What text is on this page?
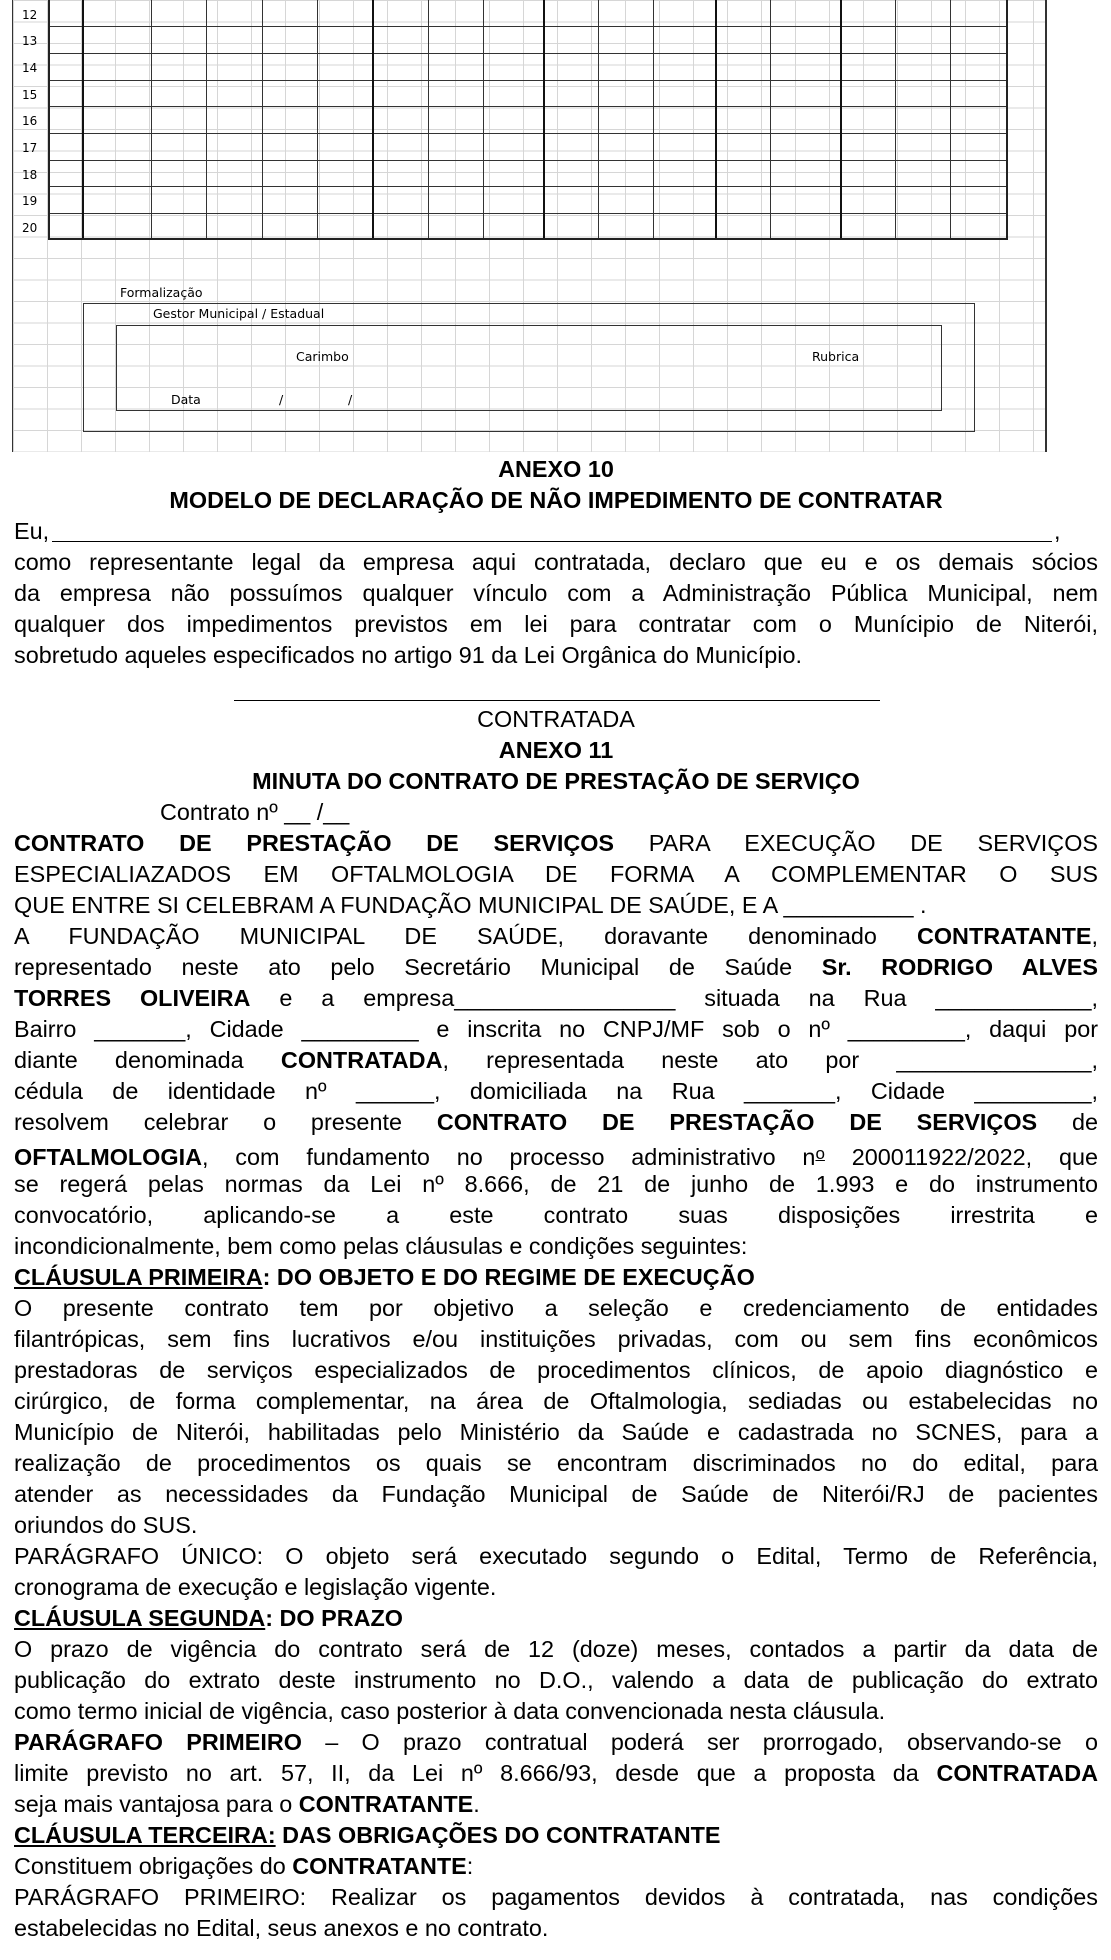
12
13
14
15
16
17
18
19
20
Formalização
Gestor Municipal / Estadual
Carimbo	Rubrica
Data	/	/
ANEXO 10
MODELO DE DECLARAÇÃO DE NÃO IMPEDIMENTO DE CONTRATAR
Eu,	,
como representante legal da empresa aqui contratada, declaro que eu e os demais sócios
da empresa não possuímos qualquer vínculo com a Administração Pública Municipal, nem
qualquer dos impedimentos previstos em lei para contratar com o Munícipio de Niterói,
sobretudo aqueles especificados no artigo 91 da Lei Orgânica do Município.
CONTRATADA
ANEXO 11
MINUTA DO CONTRATO DE PRESTAÇÃO DE SERVIÇO
Contrato nº __ /__
CONTRATO DE PRESTAÇÃO DE SERVIÇOS PARA EXECUÇÃO DE SERVIÇOS
ESPECIALIAZADOS EM OFTALMOLOGIA DE FORMA A COMPLEMENTAR O SUS
QUE ENTRE SI CELEBRAM A FUNDAÇÃO MUNICIPAL DE SAÚDE, E A __________ .
A FUNDAÇÃO MUNICIPAL DE SAÚDE, doravante denominado CONTRATANTE,
representado neste ato pelo Secretário Municipal de Saúde Sr. RODRIGO ALVES
TORRES OLIVEIRA e a empresa_________________ situada na Rua ____________,
Bairro _______, Cidade _________ e inscrita no CNPJ/MF sob o nº _________, daqui por
diante denominada CONTRATADA, representada neste ato por _______________,
cédula de identidade nº ______, domiciliada na Rua _______, Cidade _________,
resolvem celebrar o presente CONTRATO DE PRESTAÇÃO DE SERVIÇOS de
OFTALMOLOGIA, com fundamento no processo administrativo $n^o$ 200011922/2022, que
se regerá pelas normas da Lei nº 8.666, de 21 de junho de 1.993 e do instrumento
convocatório, aplicando-se a este contrato suas disposições irrestrita e
incondicionalmente, bem como pelas cláusulas e condições seguintes:
CLÁUSULA PRIMEIRA: DO OBJETO E DO REGIME DE EXECUÇÃO
O presente contrato tem por objetivo a seleção e credenciamento de entidades
filantrópicas, sem fins lucrativos e/ou instituições privadas, com ou sem fins econômicos
prestadoras de serviços especializados de procedimentos clínicos, de apoio diagnóstico e
cirúrgico, de forma complementar, na área de Oftalmologia, sediadas ou estabelecidas no
Município de Niterói, habilitadas pelo Ministério da Saúde e cadastrada no SCNES, para a
realização de procedimentos os quais se encontram discriminados no do edital, para
atender as necessidades da Fundação Municipal de Saúde de Niterói/RJ de pacientes
oriundos do SUS.
PARÁGRAFO ÚNICO: O objeto será executado segundo o Edital, Termo de Referência,
cronograma de execução e legislação vigente.
CLÁUSULA SEGUNDA: DO PRAZO
O prazo de vigência do contrato será de 12 (doze) meses, contados a partir da data de
publicação do extrato deste instrumento no D.O., valendo a data de publicação do extrato
como termo inicial de vigência, caso posterior à data convencionada nesta cláusula.
PARÁGRAFO PRIMEIRO – O prazo contratual poderá ser prorrogado, observando-se o
limite previsto no art. 57, II, da Lei nº 8.666/93, desde que a proposta da CONTRATADA
seja mais vantajosa para o CONTRATANTE.
CLÁUSULA TERCEIRA: DAS OBRIGAÇÕES DO CONTRATANTE
Constituem obrigações do CONTRATANTE:
PARÁGRAFO PRIMEIRO: Realizar os pagamentos devidos à contratada, nas condições
estabelecidas no Edital, seus anexos e no contrato.
